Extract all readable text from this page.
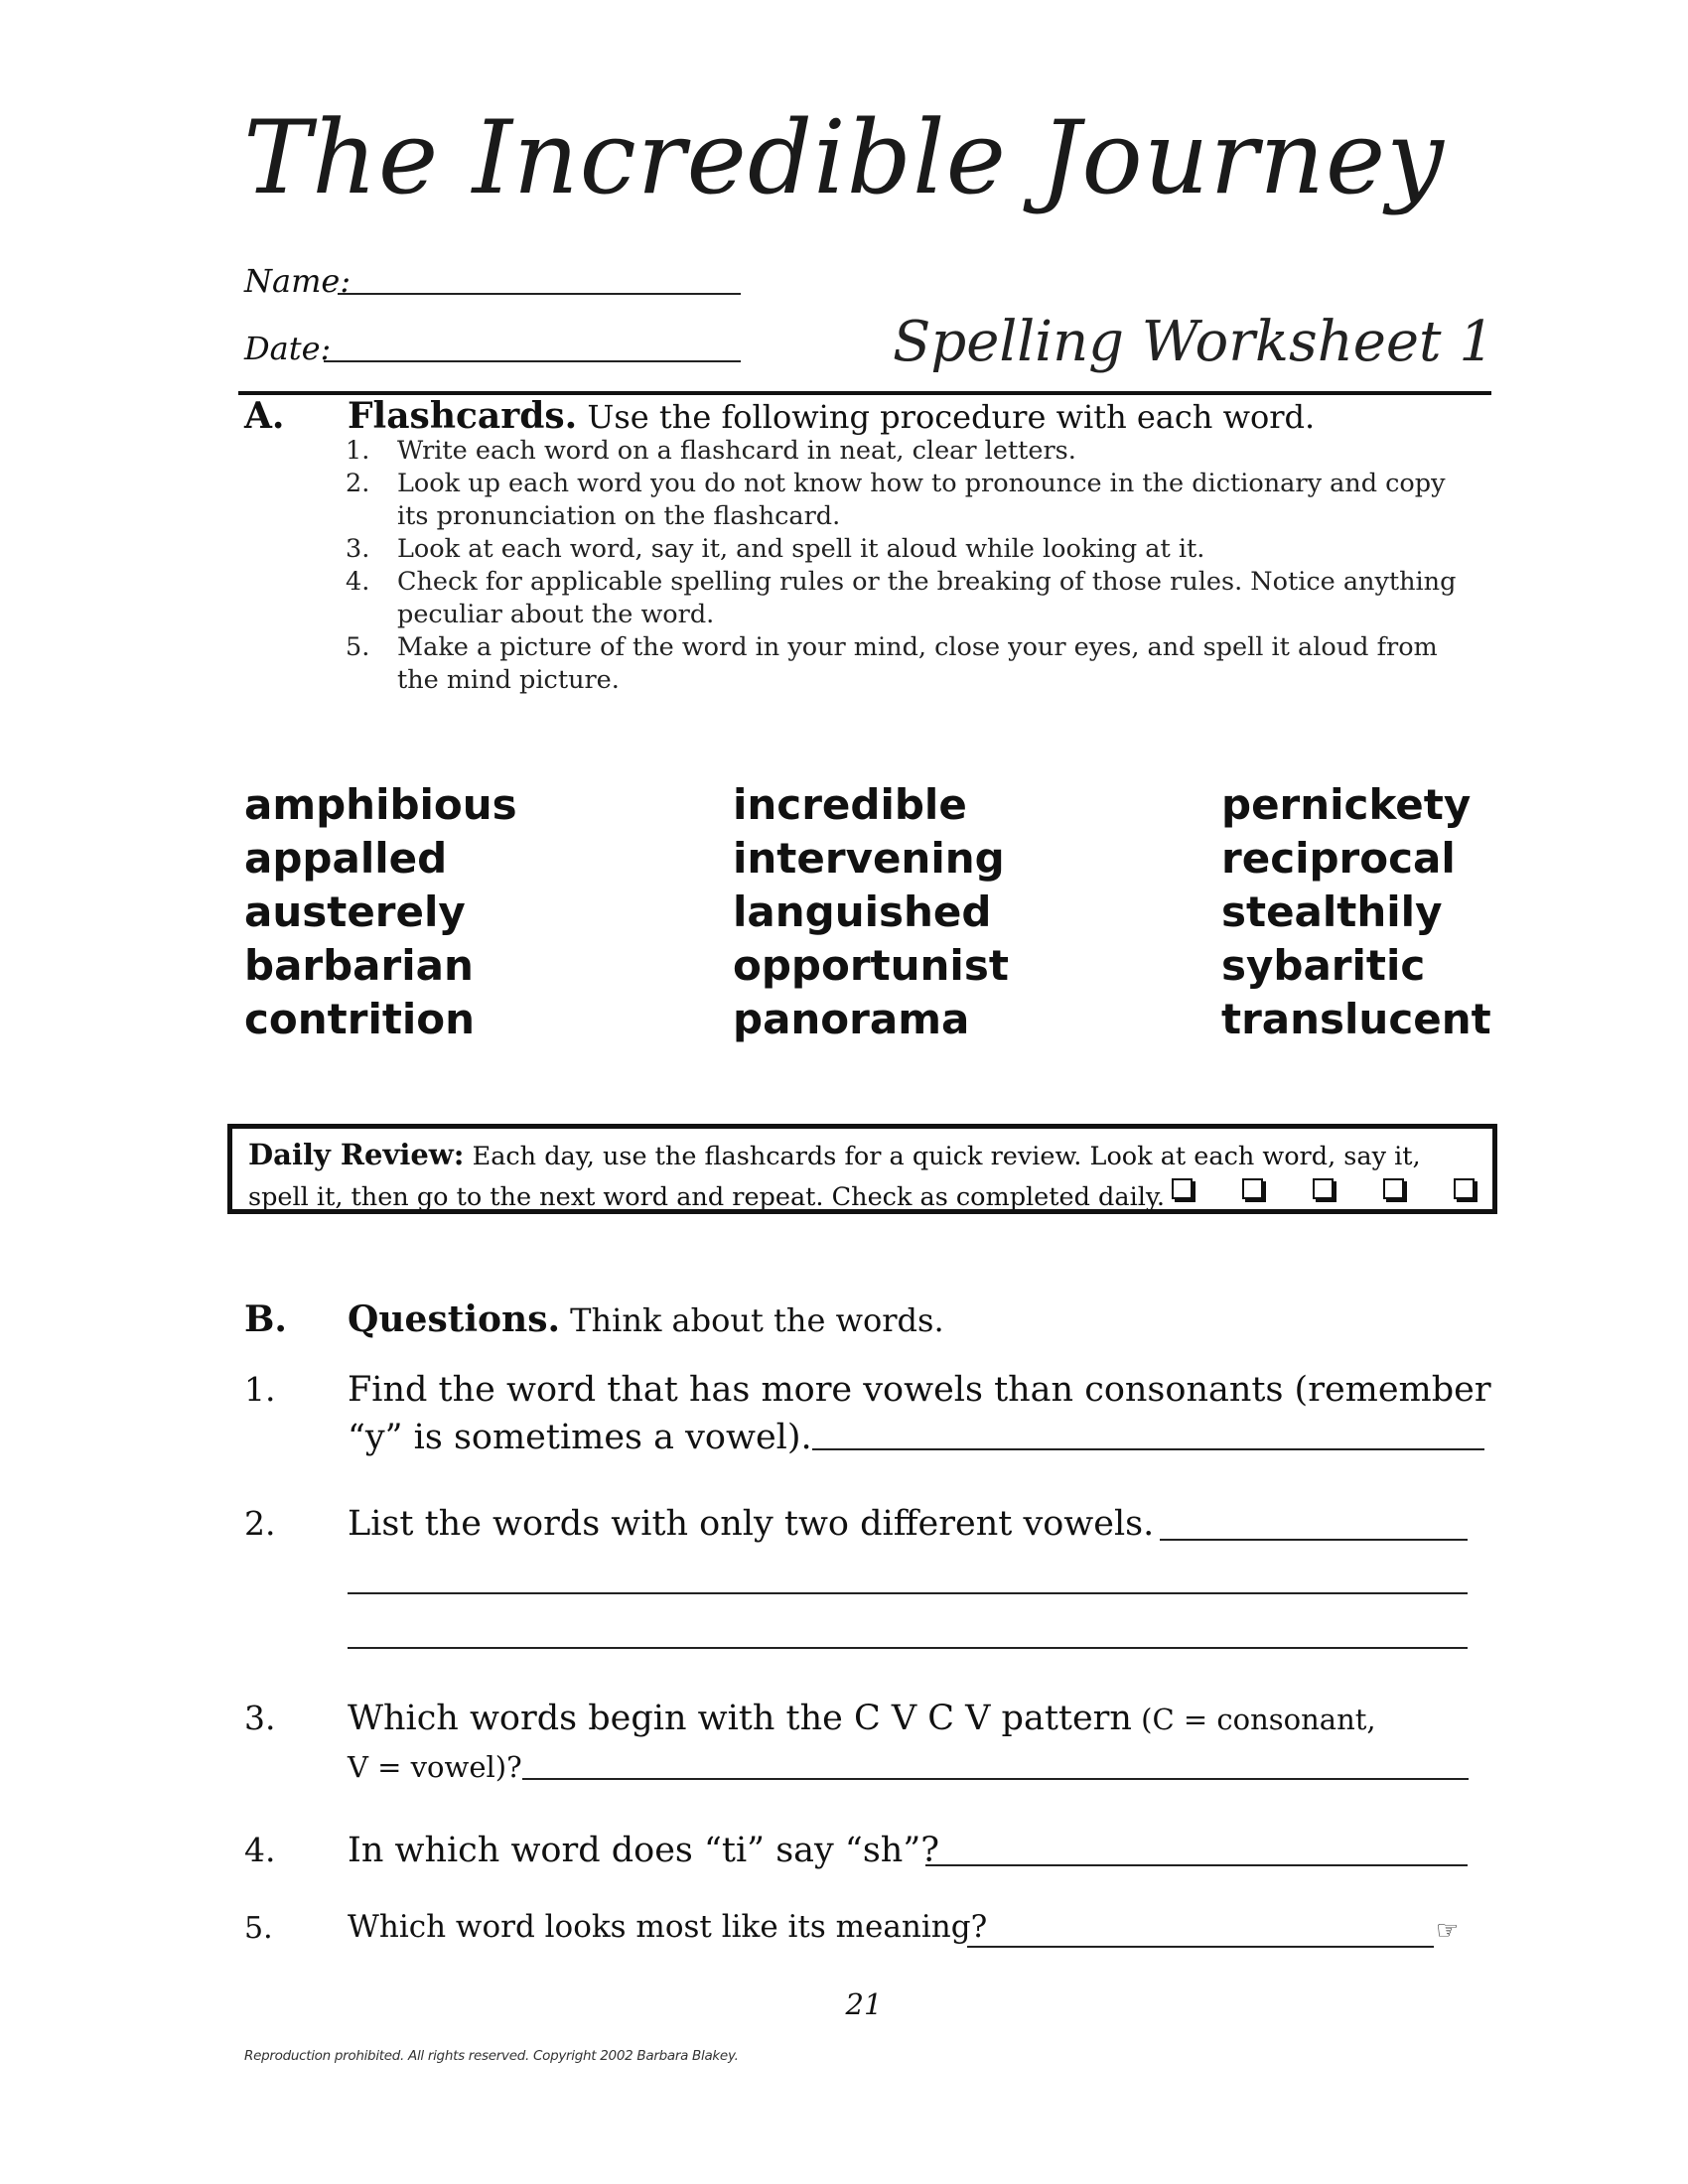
The Incredible Journey
Name:
Date:	Spelling Worksheet 1
A. Flashcards. Use the following procedure with each word.
1. Write each word on a flashcard in neat, clear letters.
2. Look up each word you do not know how to pronounce in the dictionary and copy its pronunciation on the flashcard.
3. Look at each word, say it, and spell it aloud while looking at it.
4. Check for applicable spelling rules or the breaking of those rules. Notice anything peculiar about the word.
5. Make a picture of the word in your mind, close your eyes, and spell it aloud from the mind picture.
amphibious
appalled
austerely
barbarian
contrition
incredible
intervening
languished
opportunist
panorama
pernickety
reciprocal
stealthily
sybaritic
translucent
Daily Review: Each day, use the flashcards for a quick review. Look at each word, say it, spell it, then go to the next word and repeat. Check as completed daily.
B. Questions. Think about the words.
1. Find the word that has more vowels than consonants (remember
“y” is sometimes a vowel).
2. List the words with only two different vowels.
3. Which words begin with the C V C V pattern (C = consonant,
V = vowel)?
4. In which word does “ti” say “sh”?
5. Which word looks most like its meaning?	☞
21
Reproduction prohibited. All rights reserved. Copyright 2002 Barbara Blakey.
